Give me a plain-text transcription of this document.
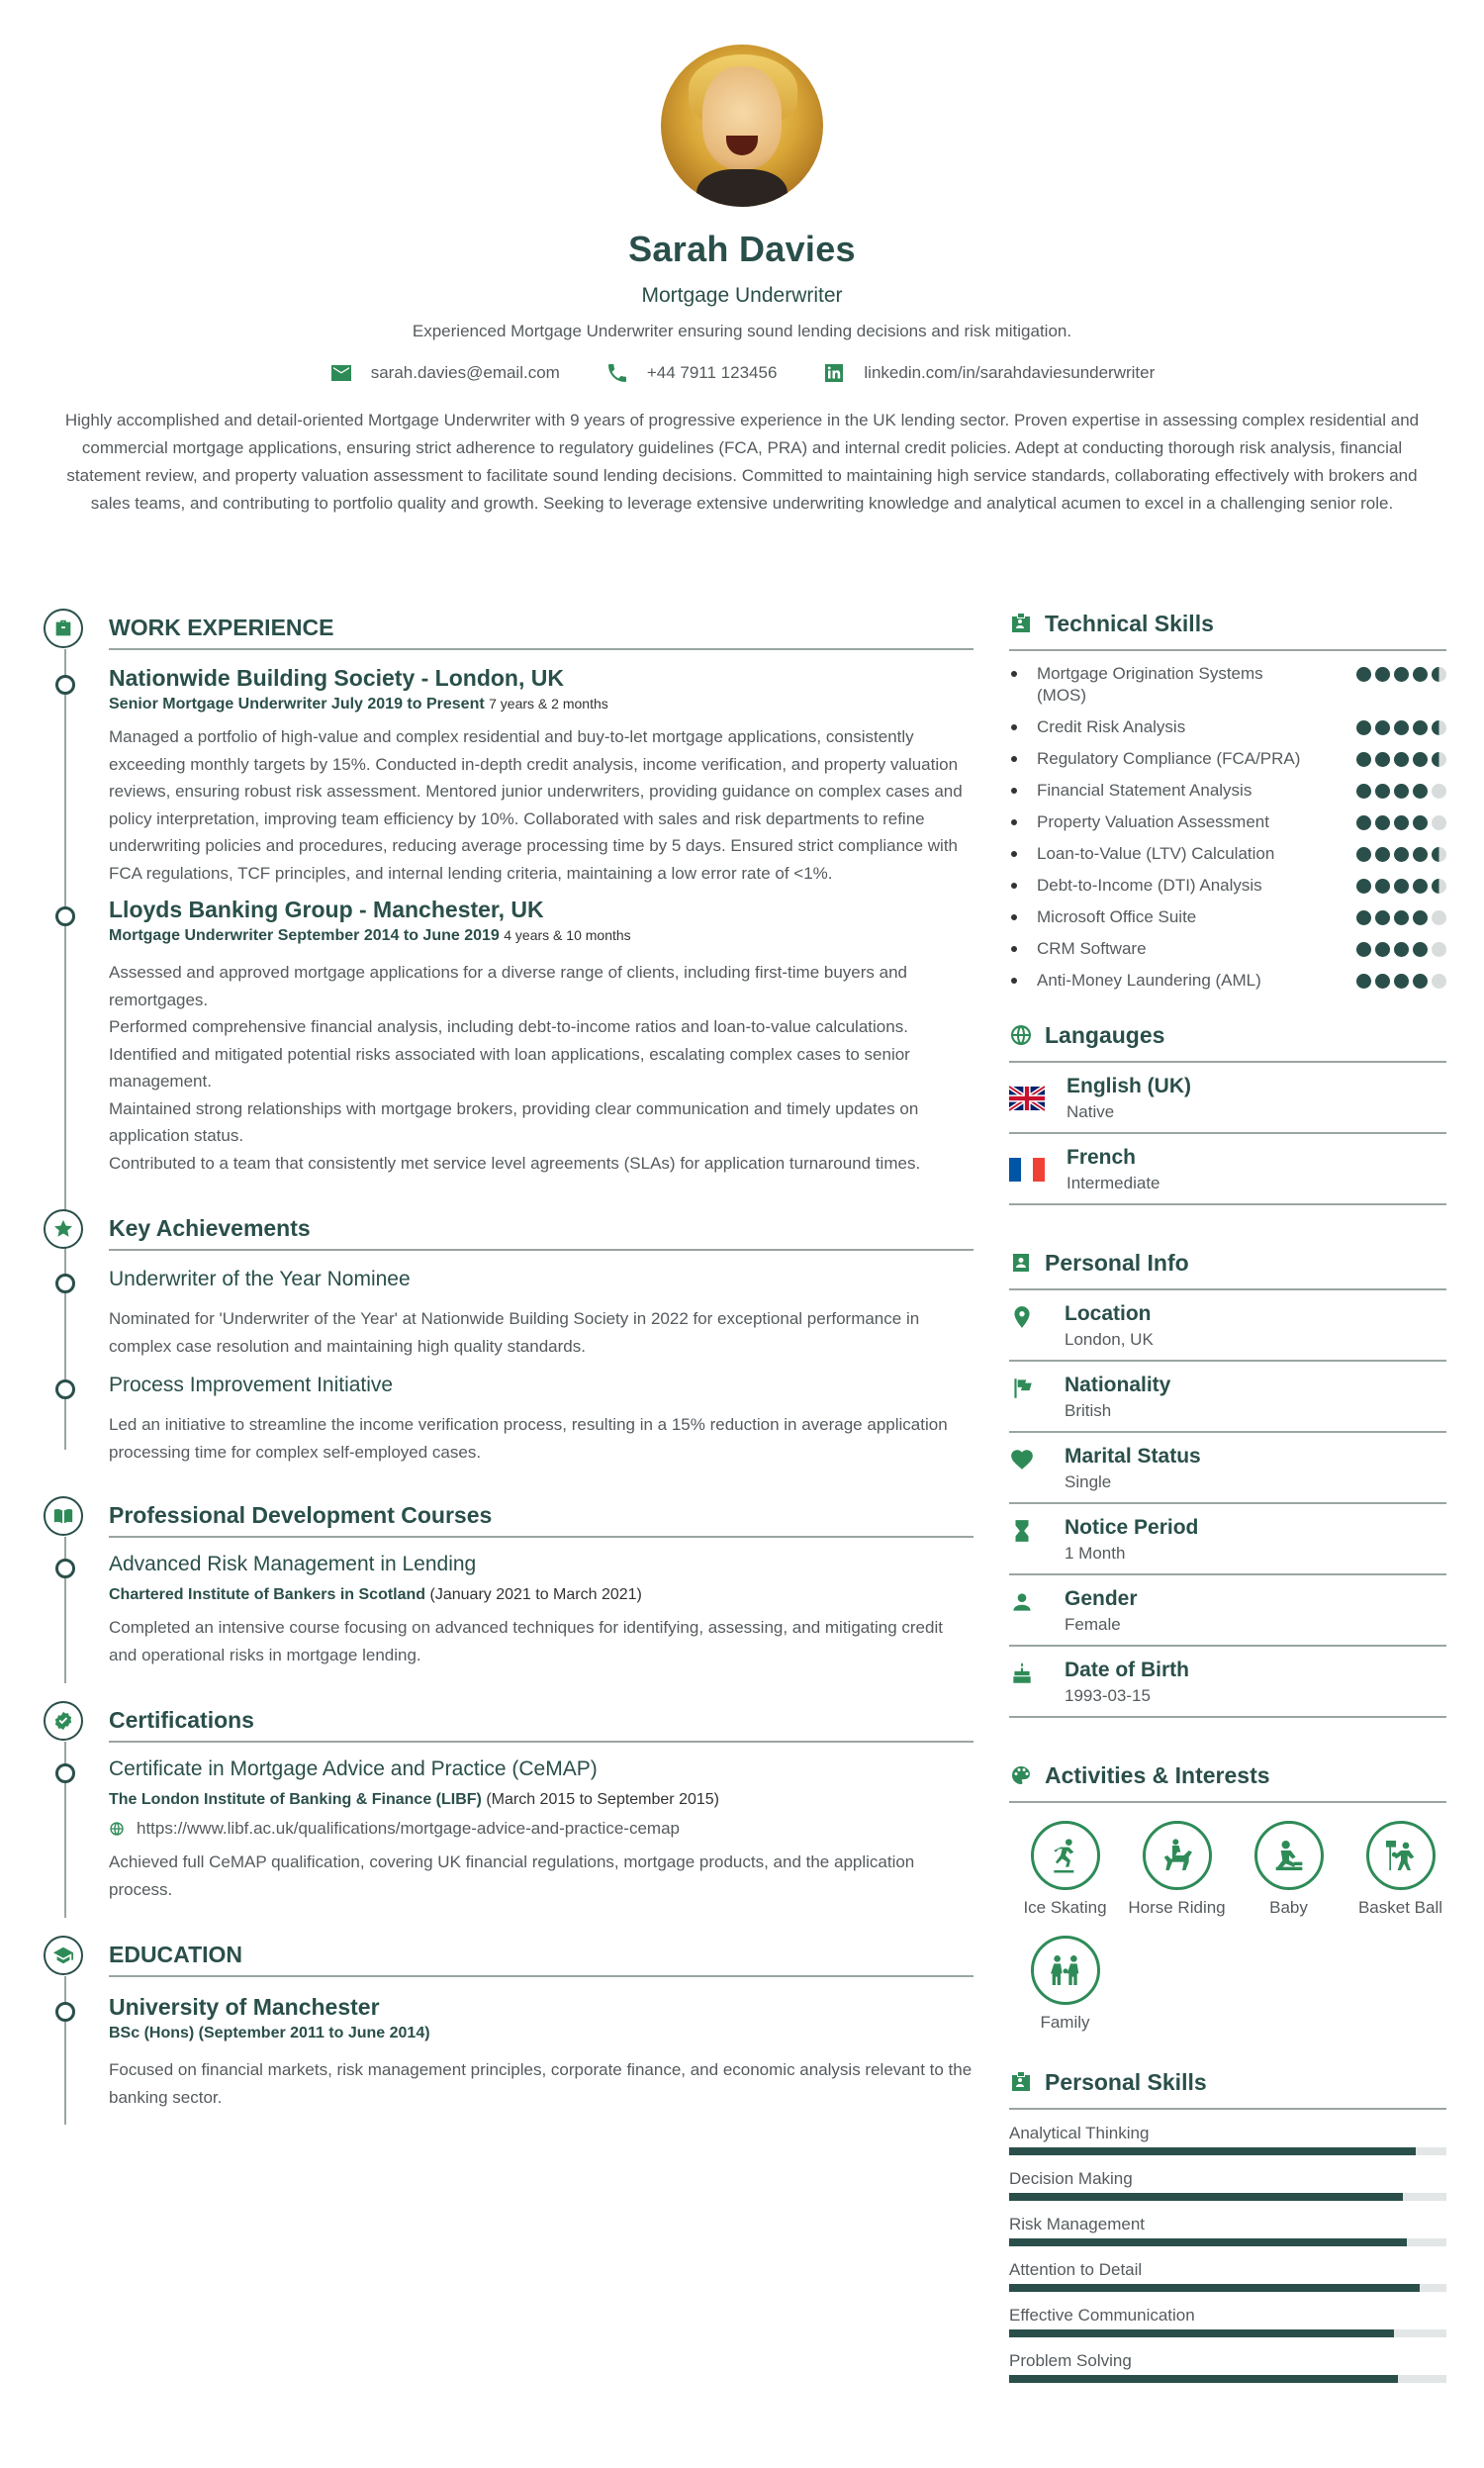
Sarah Davies
Mortgage Underwriter
Experienced Mortgage Underwriter ensuring sound lending decisions and risk mitigation.
sarah.davies@email.com	+44 7911 123456	linkedin.com/in/sarahdaviesunderwriter
Highly accomplished and detail-oriented Mortgage Underwriter with 9 years of progressive experience in the UK lending sector. Proven expertise in assessing complex residential and commercial mortgage applications, ensuring strict adherence to regulatory guidelines (FCA, PRA) and internal credit policies. Adept at conducting thorough risk analysis, financial statement review, and property valuation assessment to facilitate sound lending decisions. Committed to maintaining high service standards, collaborating effectively with brokers and sales teams, and contributing to portfolio quality and growth. Seeking to leverage extensive underwriting knowledge and analytical acumen to excel in a challenging senior role.
WORK EXPERIENCE
Nationwide Building Society - London, UK
Senior Mortgage Underwriter July 2019 to Present 7 years & 2 months
Managed a portfolio of high-value and complex residential and buy-to-let mortgage applications, consistently exceeding monthly targets by 15%. Conducted in-depth credit analysis, income verification, and property valuation reviews, ensuring robust risk assessment. Mentored junior underwriters, providing guidance on complex cases and policy interpretation, improving team efficiency by 10%. Collaborated with sales and risk departments to refine underwriting policies and procedures, reducing average processing time by 5 days. Ensured strict compliance with FCA regulations, TCF principles, and internal lending criteria, maintaining a low error rate of <1%.
Lloyds Banking Group - Manchester, UK
Mortgage Underwriter September 2014 to June 2019 4 years & 10 months
Assessed and approved mortgage applications for a diverse range of clients, including first-time buyers and remortgages.
Performed comprehensive financial analysis, including debt-to-income ratios and loan-to-value calculations.
Identified and mitigated potential risks associated with loan applications, escalating complex cases to senior management.
Maintained strong relationships with mortgage brokers, providing clear communication and timely updates on application status.
Contributed to a team that consistently met service level agreements (SLAs) for application turnaround times.
Key Achievements
Underwriter of the Year Nominee
Nominated for 'Underwriter of the Year' at Nationwide Building Society in 2022 for exceptional performance in complex case resolution and maintaining high quality standards.
Process Improvement Initiative
Led an initiative to streamline the income verification process, resulting in a 15% reduction in average application processing time for complex self-employed cases.
Professional Development Courses
Advanced Risk Management in Lending
Chartered Institute of Bankers in Scotland (January 2021 to March 2021)
Completed an intensive course focusing on advanced techniques for identifying, assessing, and mitigating credit and operational risks in mortgage lending.
Certifications
Certificate in Mortgage Advice and Practice (CeMAP)
The London Institute of Banking & Finance (LIBF) (March 2015 to September 2015)
https://www.libf.ac.uk/qualifications/mortgage-advice-and-practice-cemap
Achieved full CeMAP qualification, covering UK financial regulations, mortgage products, and the application process.
EDUCATION
University of Manchester
BSc (Hons) (September 2011 to June 2014)
Focused on financial markets, risk management principles, corporate finance, and economic analysis relevant to the banking sector.
Technical Skills
Mortgage Origination Systems (MOS)
Credit Risk Analysis
Regulatory Compliance (FCA/PRA)
Financial Statement Analysis
Property Valuation Assessment
Loan-to-Value (LTV) Calculation
Debt-to-Income (DTI) Analysis
Microsoft Office Suite
CRM Software
Anti-Money Laundering (AML)
Langauges
English (UK)
Native
French
Intermediate
Personal Info
Location
London, UK
Nationality
British
Marital Status
Single
Notice Period
1 Month
Gender
Female
Date of Birth
1993-03-15
Activities & Interests
Ice Skating	Horse Riding	Baby	Basket Ball
Family
Personal Skills
Analytical Thinking
Decision Making
Risk Management
Attention to Detail
Effective Communication
Problem Solving
